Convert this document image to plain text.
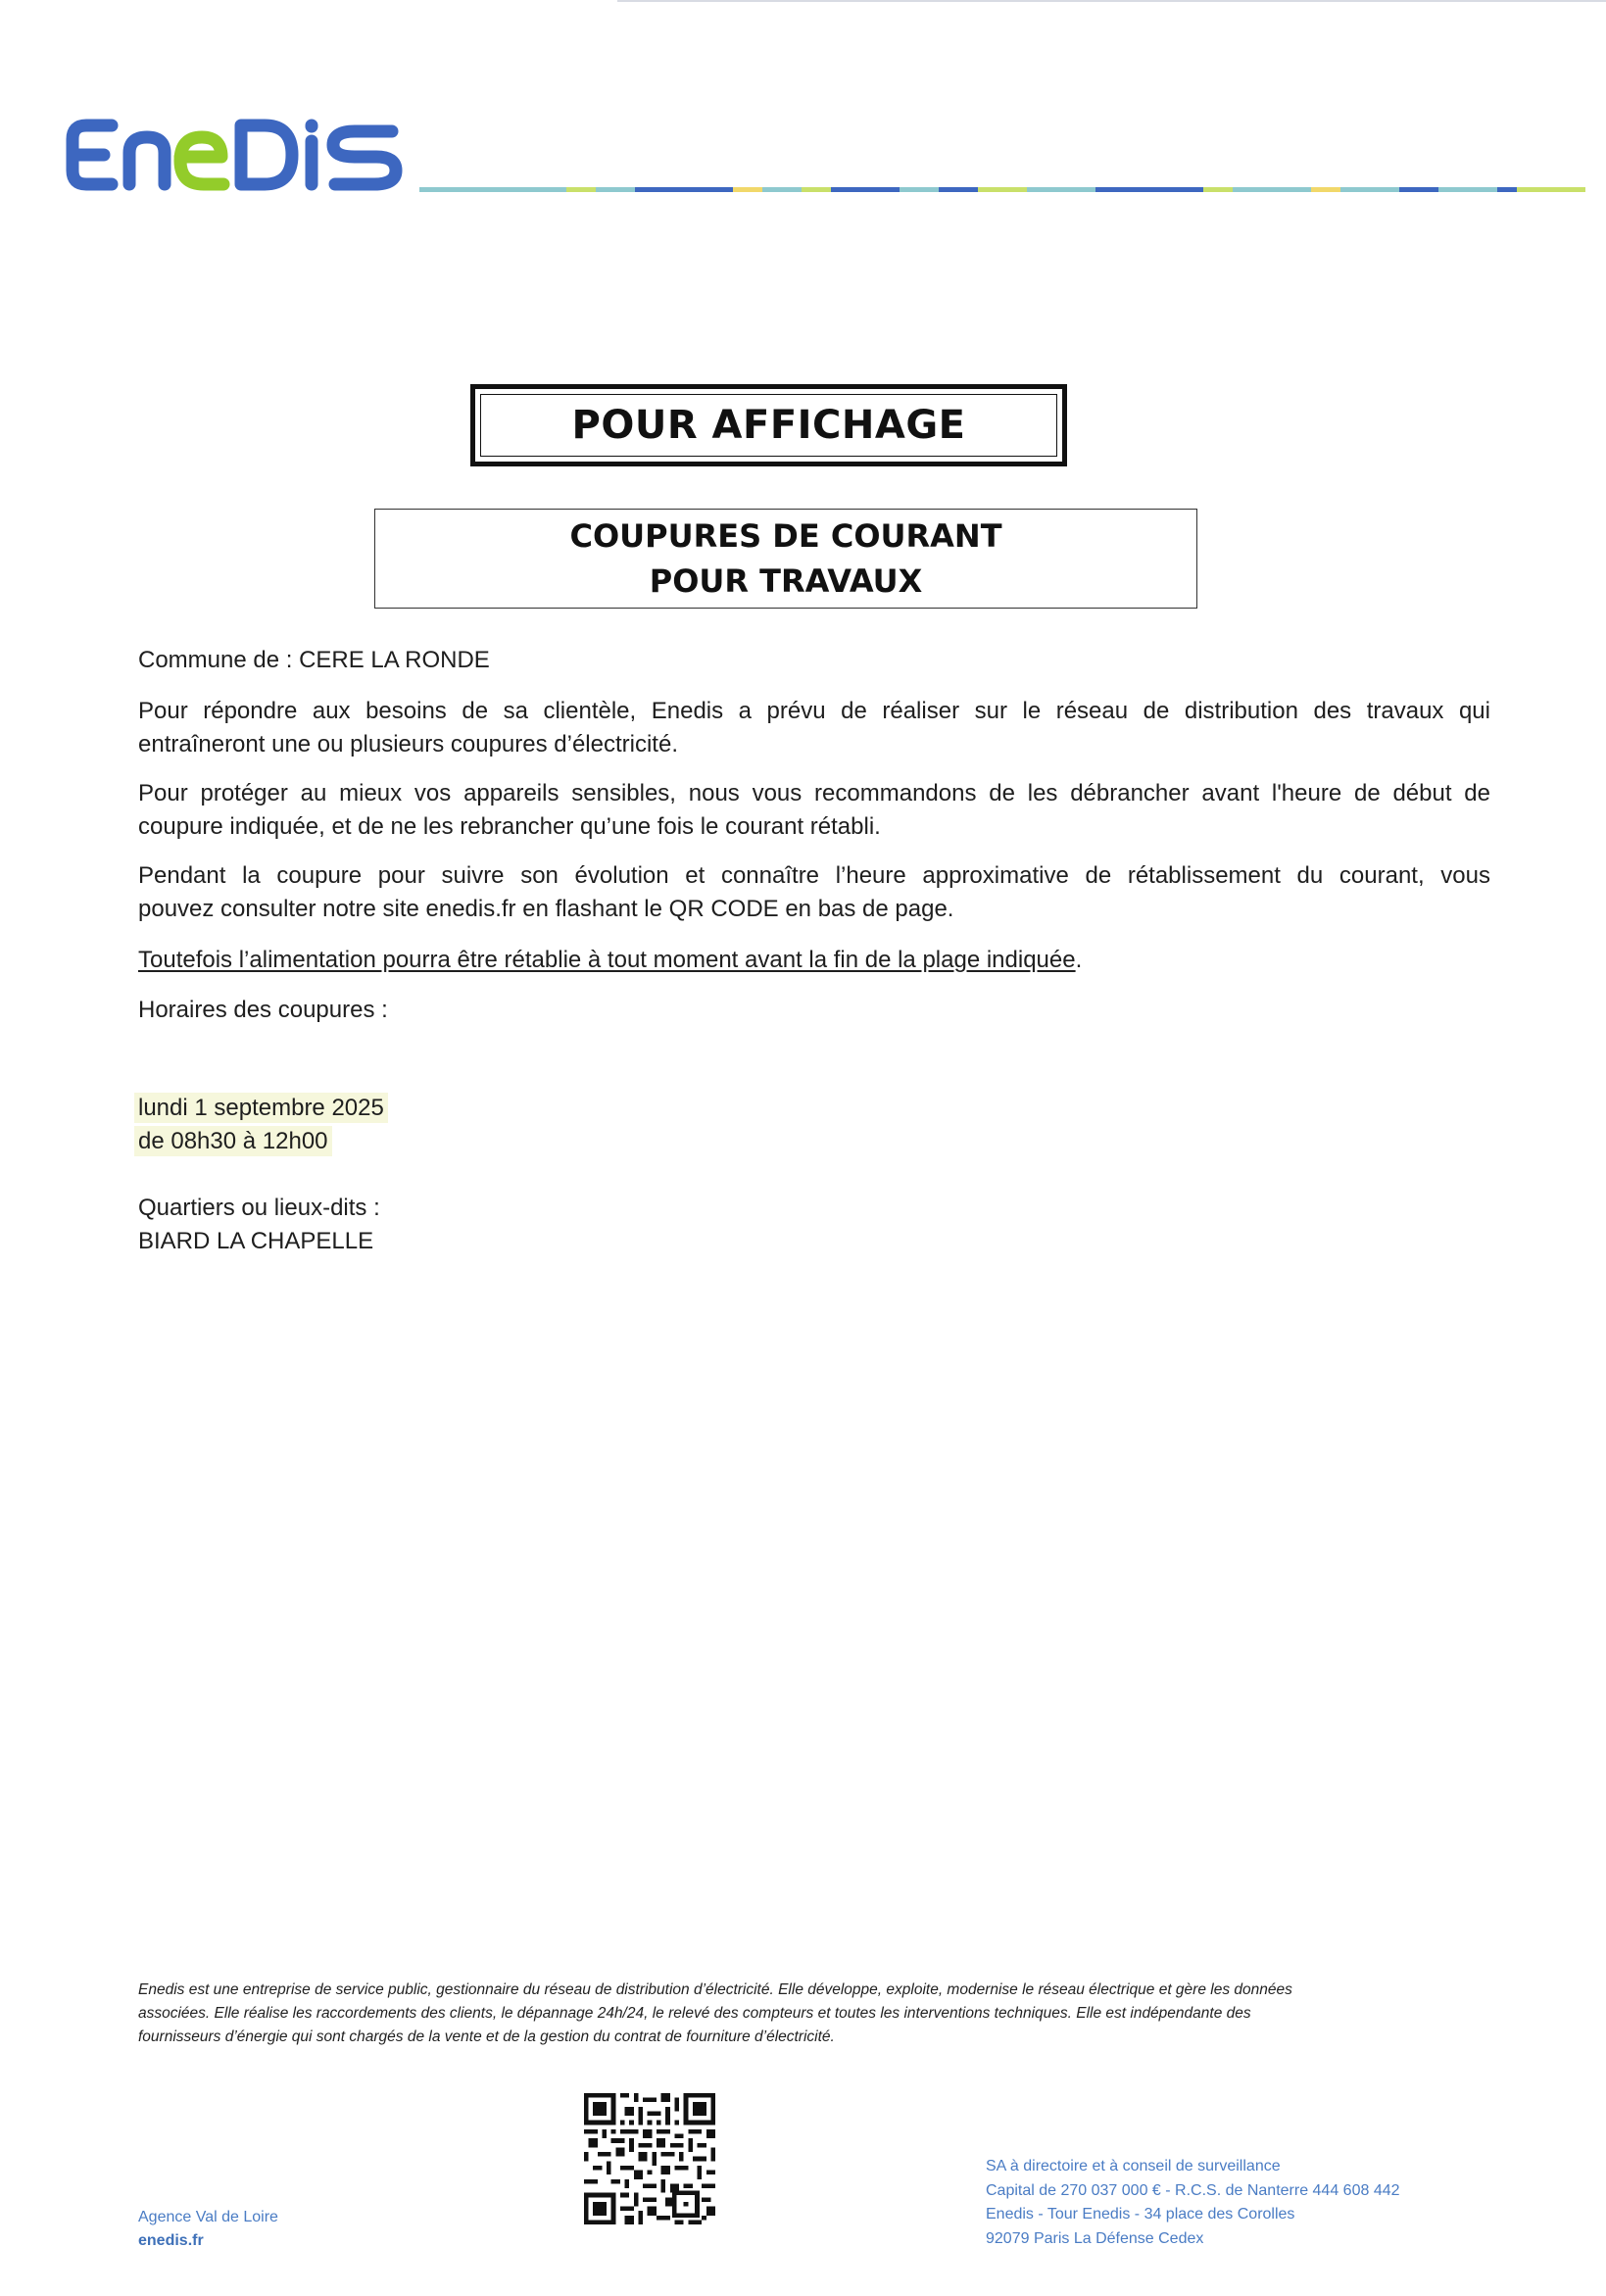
POUR AFFICHAGE
COUPURES DE COURANT
POUR TRAVAUX
Commune de : CERE LA RONDE
Pour répondre aux besoins de sa clientèle, Enedis a prévu de réaliser sur le réseau de distribution des travaux qui
entraîneront une ou plusieurs coupures d’électricité.
Pour protéger au mieux vos appareils sensibles, nous vous recommandons de les débrancher avant l'heure de début de
coupure indiquée, et de ne les rebrancher qu’une fois le courant rétabli.
Pendant la coupure pour suivre son évolution et connaître l’heure approximative de rétablissement du courant, vous
pouvez consulter notre site enedis.fr en flashant le QR CODE en bas de page.
Toutefois l’alimentation pourra être rétablie à tout moment avant la fin de la plage indiquée.
Horaires des coupures :
lundi 1 septembre 2025
de 08h30 à 12h00
Quartiers ou lieux-dits :
BIARD LA CHAPELLE
Enedis est une entreprise de service public, gestionnaire du réseau de distribution d’électricité. Elle développe, exploite, modernise le réseau électrique et gère les données
associées. Elle réalise les raccordements des clients, le dépannage 24h/24, le relevé des compteurs et toutes les interventions techniques. Elle est indépendante des
fournisseurs d’énergie qui sont chargés de la vente et de la gestion du contrat de fourniture d’électricité.
Agence Val de Loire
enedis.fr
SA à directoire et à conseil de surveillance
Capital de 270 037 000 € - R.C.S. de Nanterre 444 608 442
Enedis - Tour Enedis - 34 place des Corolles
92079 Paris La Défense Cedex
